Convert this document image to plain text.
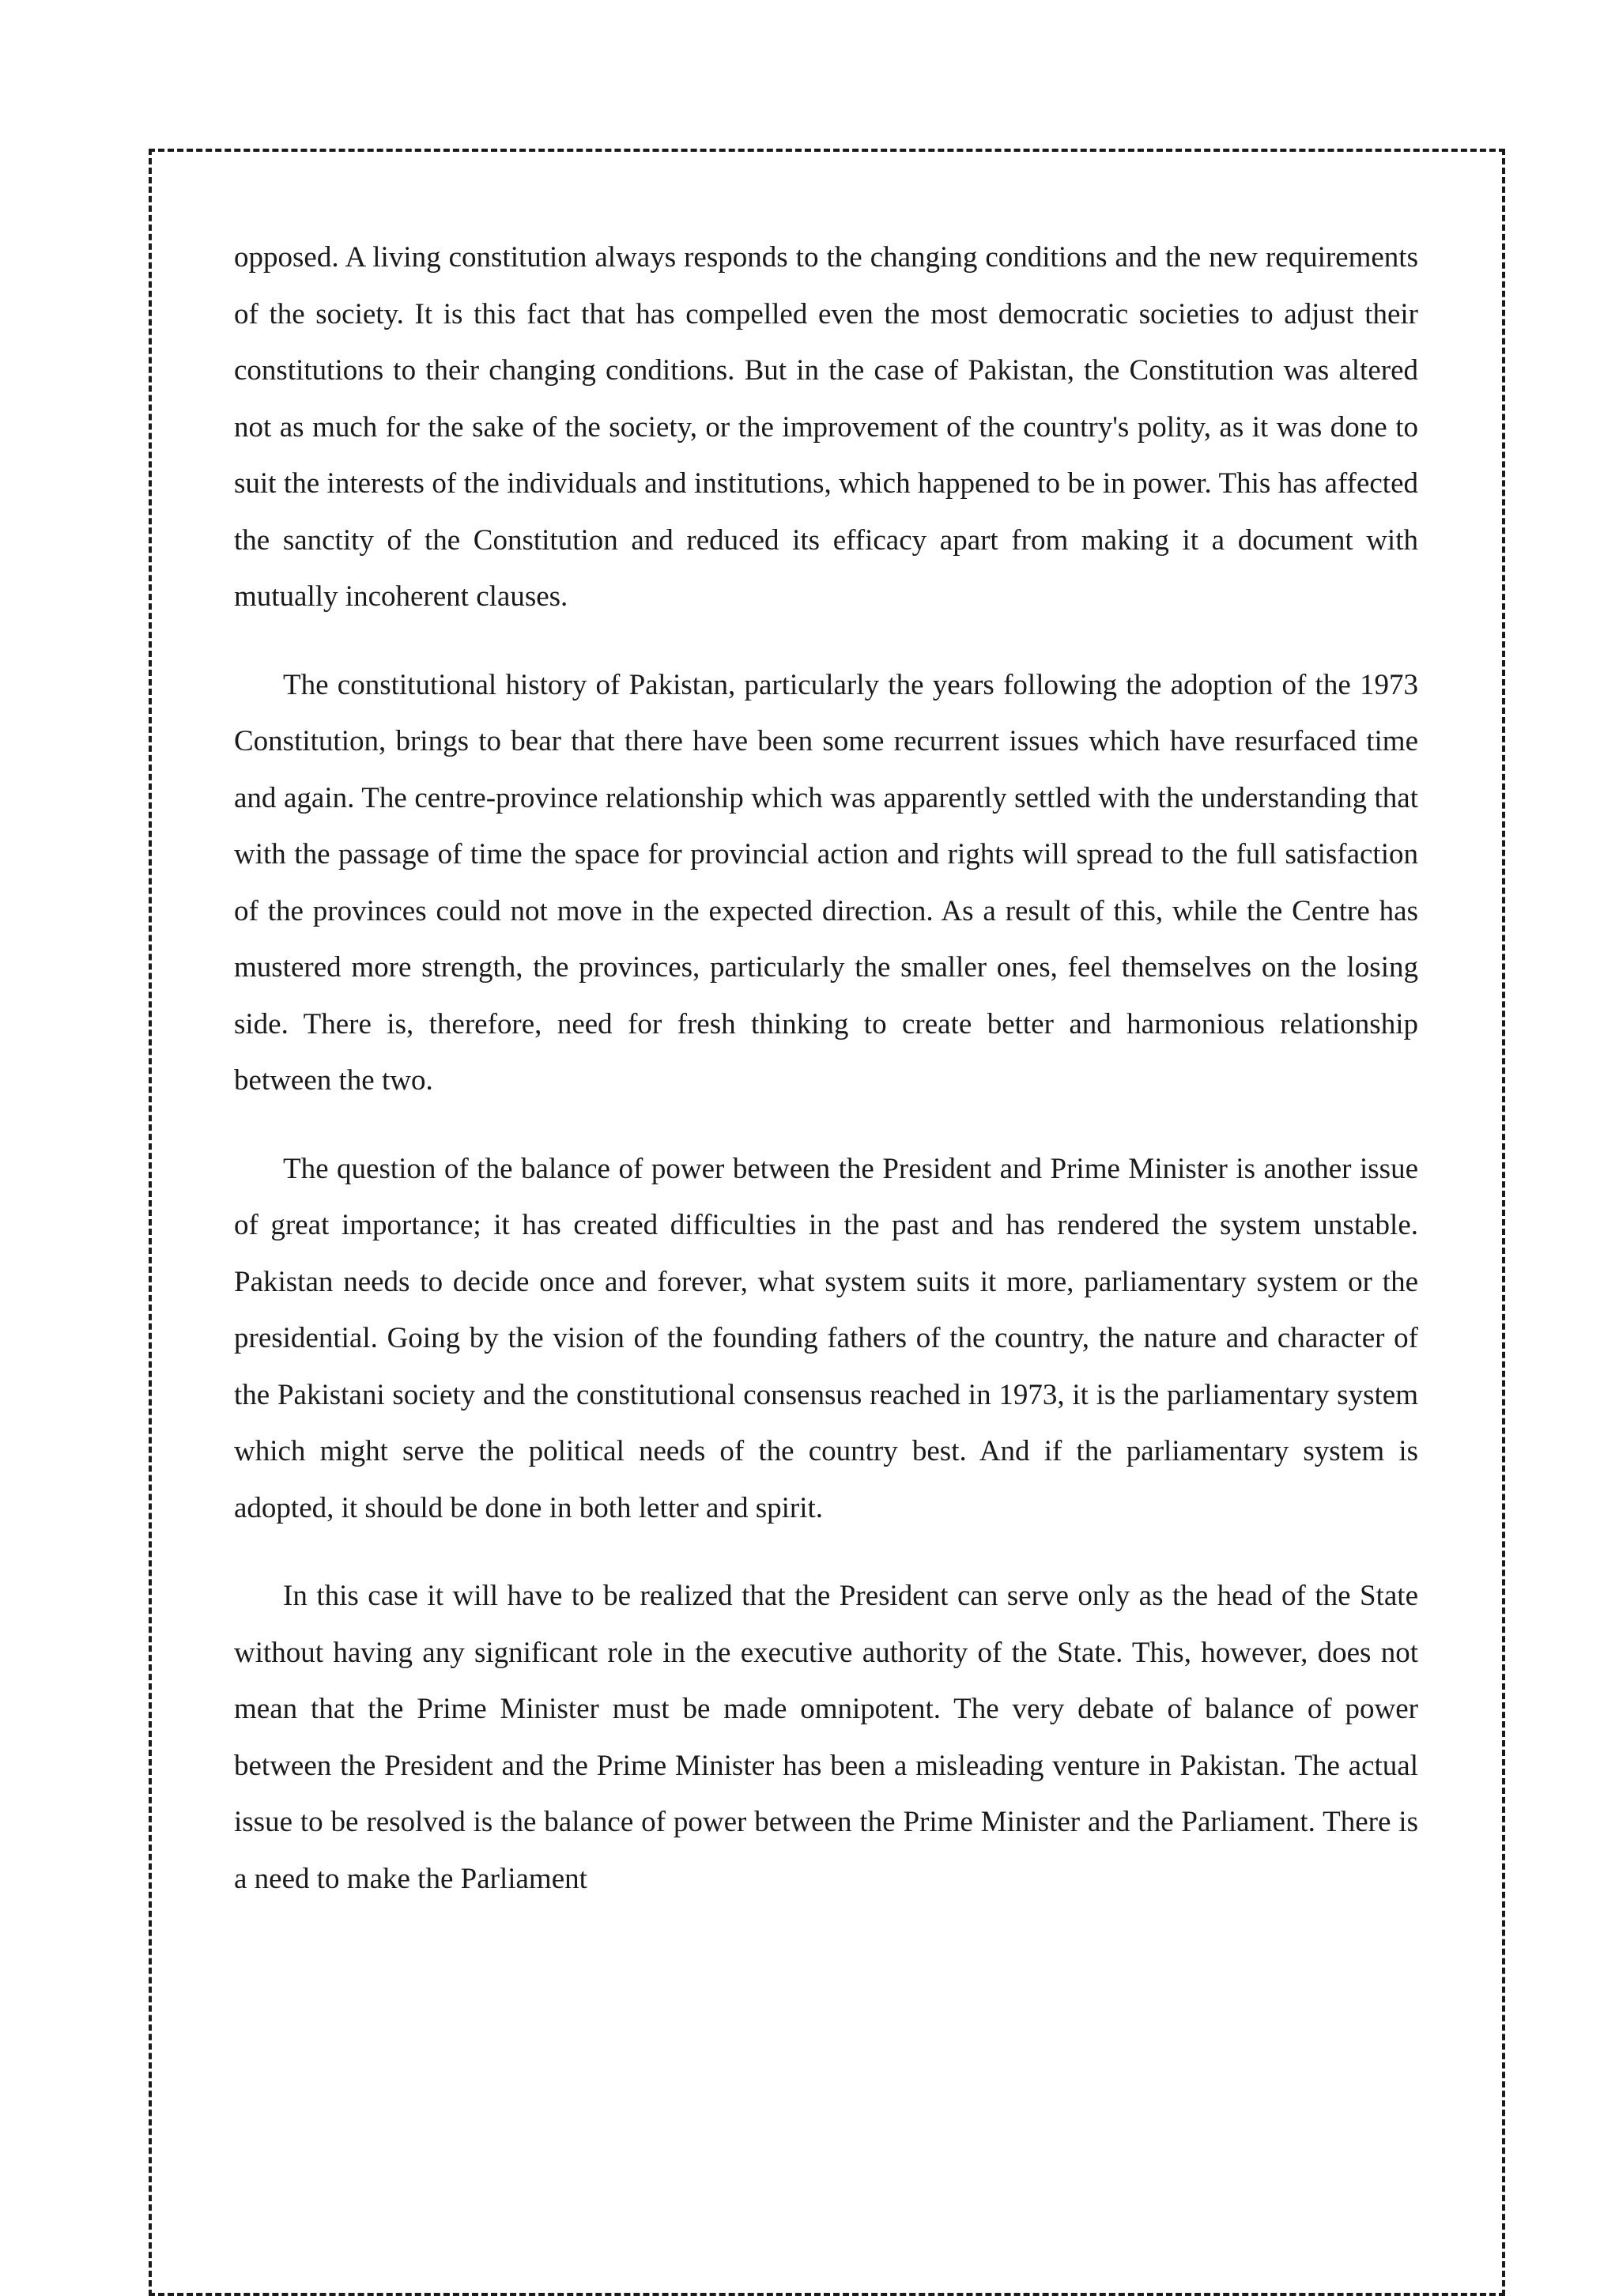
opposed. A living constitution always responds to the changing conditions and the new requirements of the society. It is this fact that has compelled even the most democratic societies to adjust their constitutions to their changing conditions. But in the case of Pakistan, the Constitution was altered not as much for the sake of the society, or the improvement of the country's polity, as it was done to suit the interests of the individuals and institutions, which happened to be in power. This has affected the sanctity of the Constitution and reduced its efficacy apart from making it a document with mutually incoherent clauses.

The constitutional history of Pakistan, particularly the years following the adoption of the 1973 Constitution, brings to bear that there have been some recurrent issues which have resurfaced time and again. The centre-province relationship which was apparently settled with the understanding that with the passage of time the space for provincial action and rights will spread to the full satisfaction of the provinces could not move in the expected direction. As a result of this, while the Centre has mustered more strength, the provinces, particularly the smaller ones, feel themselves on the losing side. There is, therefore, need for fresh thinking to create better and harmonious relationship between the two.

The question of the balance of power between the President and Prime Minister is another issue of great importance; it has created difficulties in the past and has rendered the system unstable. Pakistan needs to decide once and forever, what system suits it more, parliamentary system or the presidential. Going by the vision of the founding fathers of the country, the nature and character of the Pakistani society and the constitutional consensus reached in 1973, it is the parliamentary system which might serve the political needs of the country best. And if the parliamentary system is adopted, it should be done in both letter and spirit.

In this case it will have to be realized that the President can serve only as the head of the State without having any significant role in the executive authority of the State. This, however, does not mean that the Prime Minister must be made omnipotent. The very debate of balance of power between the President and the Prime Minister has been a misleading venture in Pakistan. The actual issue to be resolved is the balance of power between the Prime Minister and the Parliament. There is a need to make the Parliament
